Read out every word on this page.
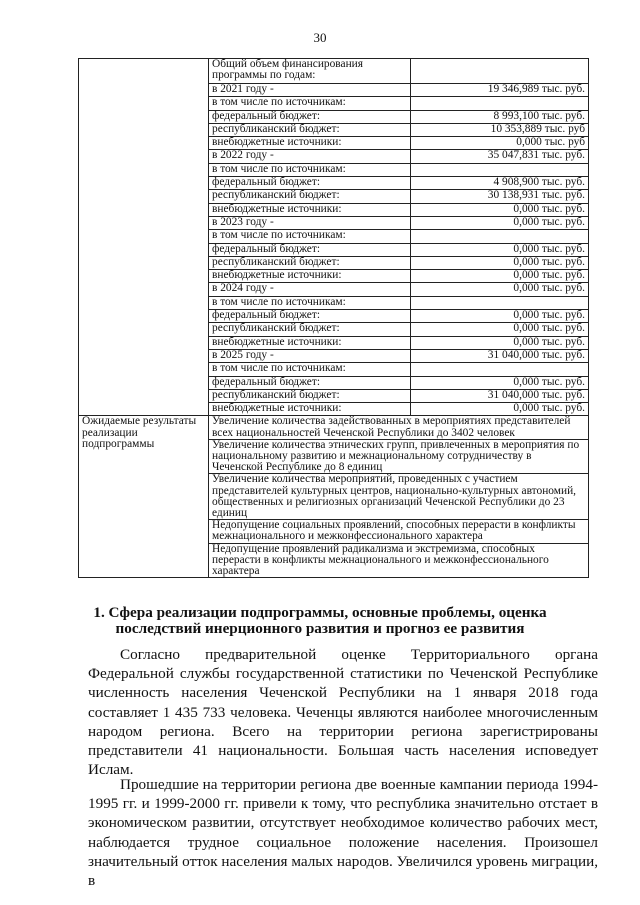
30
	Общий объем финансирования программы по годам:	
	в 2021 году -	19 346,989 тыс. руб.
	в том числе по источникам:	
	федеральный бюджет:	8 993,100 тыс. руб.
	республиканский бюджет:	10 353,889 тыс. руб
	внебюджетные источники:	0,000 тыс. руб
	в 2022 году -	35 047,831 тыс. руб.
	в том числе по источникам:	
	федеральный бюджет:	4 908,900 тыс. руб.
	республиканский бюджет:	30 138,931 тыс. руб.
	внебюджетные источники:	0,000 тыс. руб.
	в 2023 году -	0,000 тыс. руб.
	в том числе по источникам:	
	федеральный бюджет:	0,000 тыс. руб.
	республиканский бюджет:	0,000 тыс. руб.
	внебюджетные источники:	0,000 тыс. руб.
	в 2024 году -	0,000 тыс. руб.
	в том числе по источникам:	
	федеральный бюджет:	0,000 тыс. руб.
	республиканский бюджет:	0,000 тыс. руб.
	внебюджетные источники:	0,000 тыс. руб.
	в 2025 году -	31 040,000 тыс. руб.
	в том числе по источникам:	
	федеральный бюджет:	0,000 тыс. руб.
	республиканский бюджет:	31 040,000 тыс. руб.
	внебюджетные источники:	0,000 тыс. руб.
Ожидаемые результаты реализации подпрограммы	Увеличение количества задействованных в мероприятиях представителей всех национальностей Чеченской Республики до 3402 человек	
	Увеличение количества этнических групп, привлеченных в мероприятия по национальному развитию и межнациональному сотрудничеству в Чеченской Республике до 8 единиц	
	Увеличение количества мероприятий, проведенных с участием представителей культурных центров, национально-культурных автономий, общественных и религиозных организаций Чеченской Республики до 23 единиц	
	Недопущение социальных проявлений, способных перерасти в конфликты межнационального и межконфессионального характера	
	Недопущение проявлений радикализма и экстремизма, способных перерасти в конфликты межнационального и межконфессионального характера	
1. Сфера реализации подпрограммы, основные проблемы, оценка последствий инерционного развития и прогноз ее развития

Согласно предварительной оценке Территориального органа Федеральной службы государственной статистики по Чеченской Республике численность населения Чеченской Республики на 1 января 2018 года составляет 1 435 733 человека. Чеченцы являются наиболее многочисленным народом региона. Всего на территории региона зарегистрированы представители 41 национальности. Большая часть населения исповедует Ислам.

Прошедшие на территории региона две военные кампании периода 1994-1995 гг. и 1999-2000 гг. привели к тому, что республика значительно отстает в экономическом развитии, отсутствует необходимое количество рабочих мест, наблюдается трудное социальное положение населения. Произошел значительный отток населения малых народов. Увеличился уровень миграции, в
